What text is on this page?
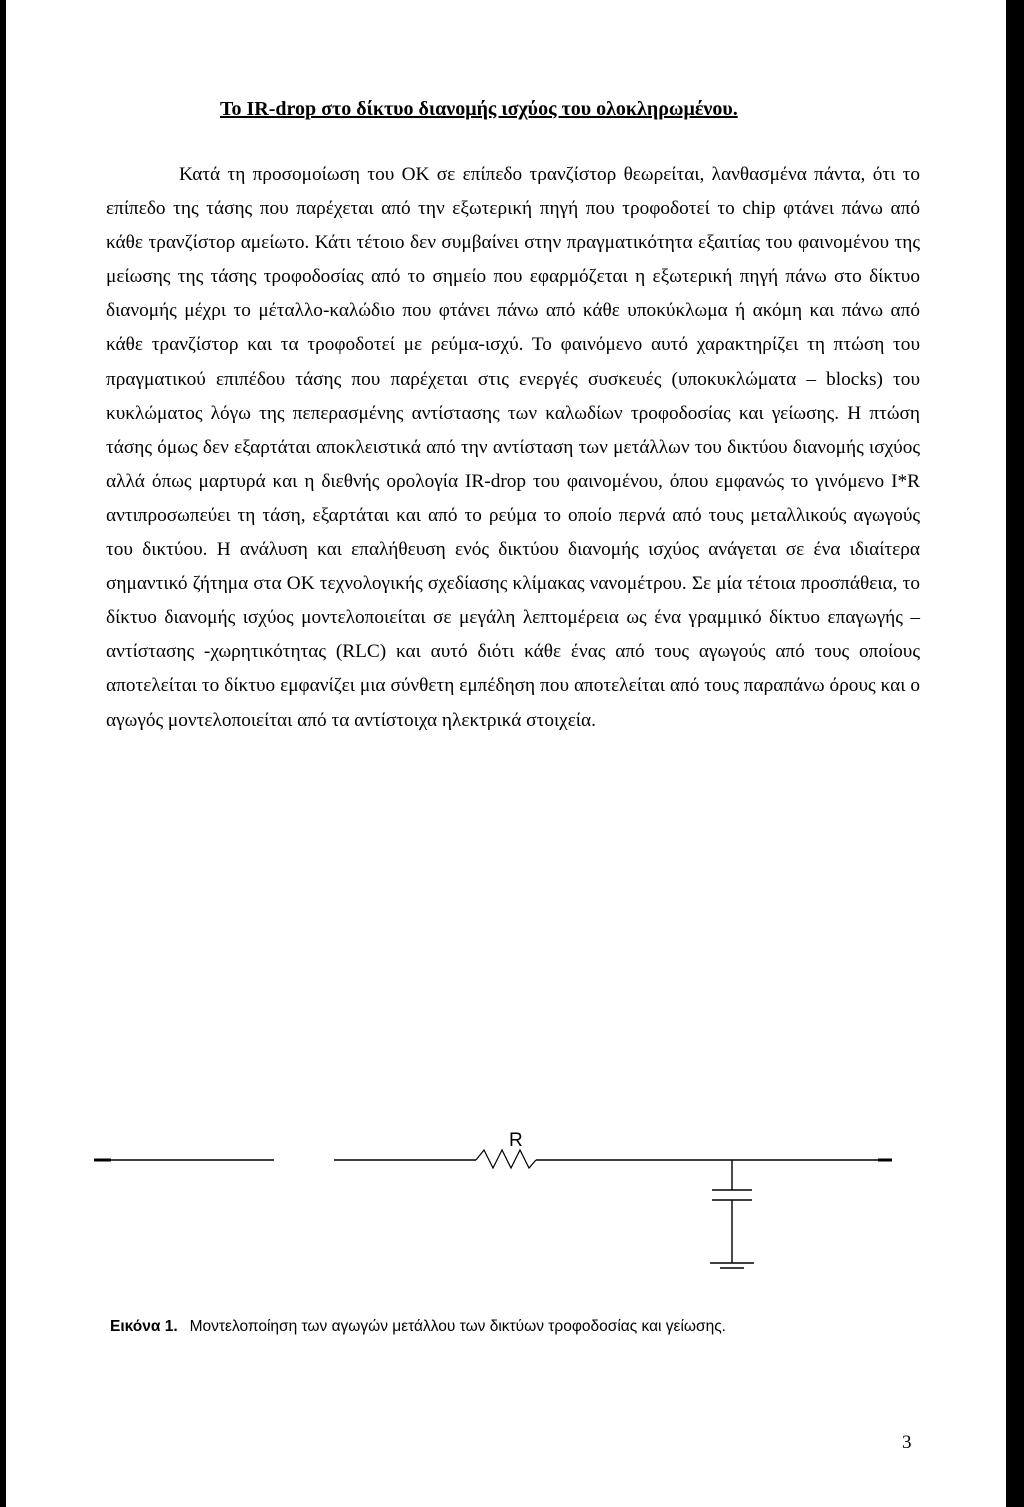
Το IR-drop στο δίκτυο διανομής ισχύος του ολοκληρωμένου.

Κατά τη προσομοίωση του ΟΚ σε επίπεδο τρανζίστορ θεωρείται, λανθασμένα πάντα, ότι το επίπεδο της τάσης που παρέχεται από την εξωτερική πηγή που τροφοδοτεί το chip φτάνει πάνω από κάθε τρανζίστορ αμείωτο. Κάτι τέτοιο δεν συμβαίνει στην πραγματικότητα εξαιτίας του φαινομένου της μείωσης της τάσης τροφοδοσίας από το σημείο που εφαρμόζεται η εξωτερική πηγή πάνω στο δίκτυο διανομής μέχρι το μέταλλο-καλώδιο που φτάνει πάνω από κάθε υποκύκλωμα ή ακόμη και πάνω από κάθε τρανζίστορ και τα τροφοδοτεί με ρεύμα-ισχύ. Το φαινόμενο αυτό χαρακτηρίζει τη πτώση του πραγματικού επιπέδου τάσης που παρέχεται στις ενεργές συσκευές (υποκυκλώματα – blocks) του κυκλώματος λόγω της πεπερασμένης αντίστασης των καλωδίων τροφοδοσίας και γείωσης. Η πτώση τάσης όμως δεν εξαρτάται αποκλειστικά από την αντίσταση των μετάλλων του δικτύου διανομής ισχύος αλλά όπως μαρτυρά και η διεθνής ορολογία IR-drop του φαινομένου, όπου εμφανώς το γινόμενο I*R αντιπροσωπεύει τη τάση, εξαρτάται και από το ρεύμα το οποίο περνά από τους μεταλλικούς αγωγούς του δικτύου. Η ανάλυση και επαλήθευση ενός δικτύου διανομής ισχύος ανάγεται σε ένα ιδιαίτερα σημαντικό ζήτημα στα ΟΚ τεχνολογικής σχεδίασης κλίμακας νανομέτρου. Σε μία τέτοια προσπάθεια, το δίκτυο διανομής ισχύος μοντελοποιείται σε μεγάλη λεπτομέρεια ως ένα γραμμικό δίκτυο επαγωγής – αντίστασης -χωρητικότητας (RLC) και αυτό διότι κάθε ένας από τους αγωγούς από τους οποίους αποτελείται το δίκτυο εμφανίζει μια σύνθετη εμπέδηση που αποτελείται από τους παραπάνω όρους και ο αγωγός μοντελοποιείται από τα αντίστοιχα ηλεκτρικά στοιχεία.

R

Εικόνα 1. Μοντελοποίηση των αγωγών μετάλλου των δικτύων τροφοδοσίας και γείωσης.

3
